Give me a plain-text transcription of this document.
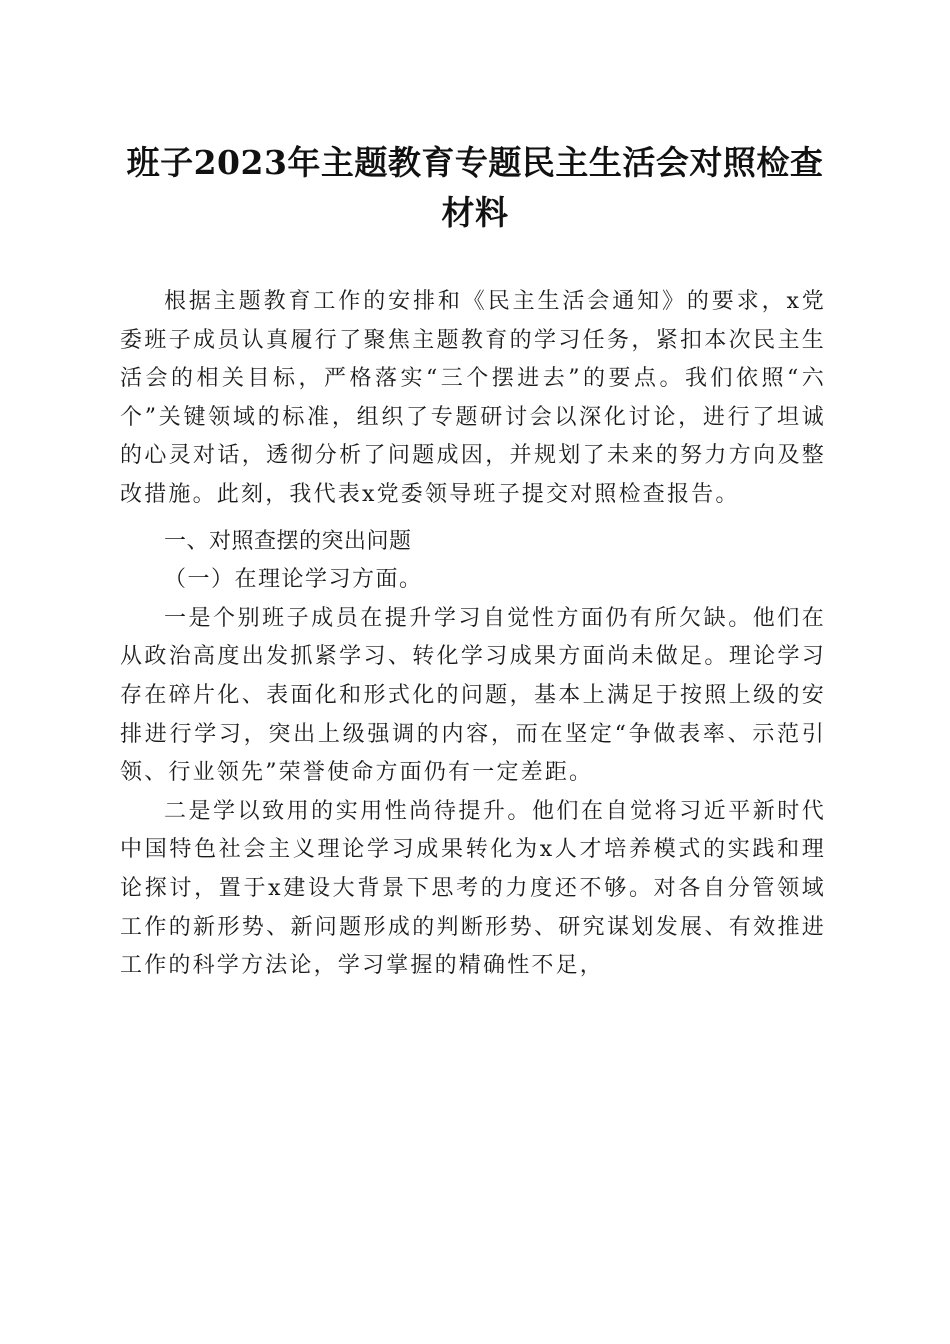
班子2023年主题教育专题民主生活会对照检查材料

根据主题教育工作的安排和《民主生活会通知》的要求，x党委班子成员认真履行了聚焦主题教育的学习任务，紧扣本次民主生活会的相关目标，严格落实“三个摆进去”的要点。我们依照“六个”关键领域的标准，组织了专题研讨会以深化讨论，进行了坦诚的心灵对话，透彻分析了问题成因，并规划了未来的努力方向及整改措施。此刻，我代表x党委领导班子提交对照检查报告。

一、对照查摆的突出问题

（一）在理论学习方面。

一是个别班子成员在提升学习自觉性方面仍有所欠缺。他们在从政治高度出发抓紧学习、转化学习成果方面尚未做足。理论学习存在碎片化、表面化和形式化的问题，基本上满足于按照上级的安排进行学习，突出上级强调的内容，而在坚定“争做表率、示范引领、行业领先”荣誉使命方面仍有一定差距。

二是学以致用的实用性尚待提升。他们在自觉将习近平新时代中国特色社会主义理论学习成果转化为x人才培养模式的实践和理论探讨，置于x建设大背景下思考的力度还不够。对各自分管领域工作的新形势、新问题形成的判断形势、研究谋划发展、有效推进工作的科学方法论，学习掌握的精确性不足，
